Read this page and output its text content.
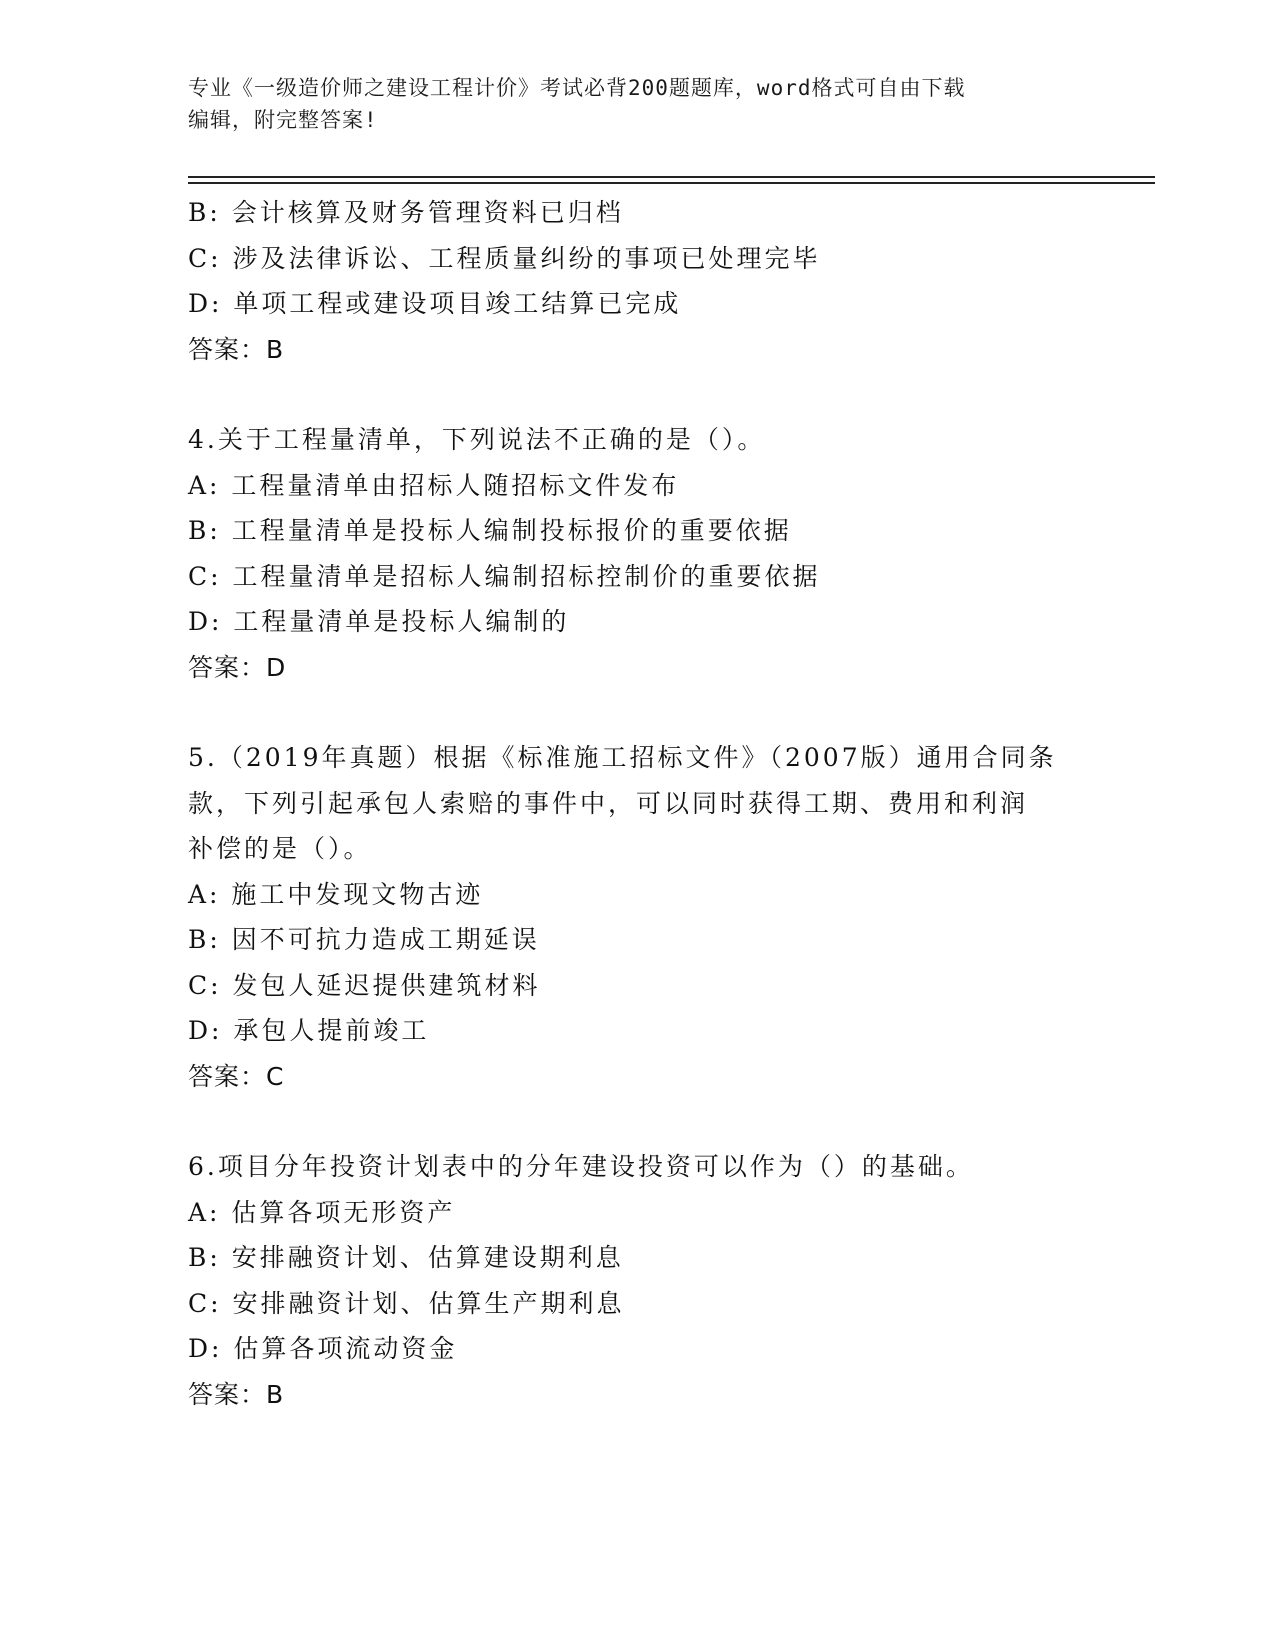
专业《一级造价师之建设工程计价》考试必背200题题库，word格式可自由下载
编辑，附完整答案!
B: 会计核算及财务管理资料已归档
C: 涉及法律诉讼、工程质量纠纷的事项已处理完毕
D: 单项工程或建设项目竣工结算已完成
答案：B
4.关于工程量清单，下列说法不正确的是（）。
A: 工程量清单由招标人随招标文件发布
B: 工程量清单是投标人编制投标报价的重要依据
C: 工程量清单是招标人编制招标控制价的重要依据
D: 工程量清单是投标人编制的
答案：D
5.（2019年真题）根据《标准施工招标文件》（2007版）通用合同条
款，下列引起承包人索赔的事件中，可以同时获得工期、费用和利润
补偿的是（）。
A: 施工中发现文物古迹
B: 因不可抗力造成工期延误
C: 发包人延迟提供建筑材料
D: 承包人提前竣工
答案：C
6.项目分年投资计划表中的分年建设投资可以作为（）的基础。
A: 估算各项无形资产
B: 安排融资计划、估算建设期利息
C: 安排融资计划、估算生产期利息
D: 估算各项流动资金
答案：B
